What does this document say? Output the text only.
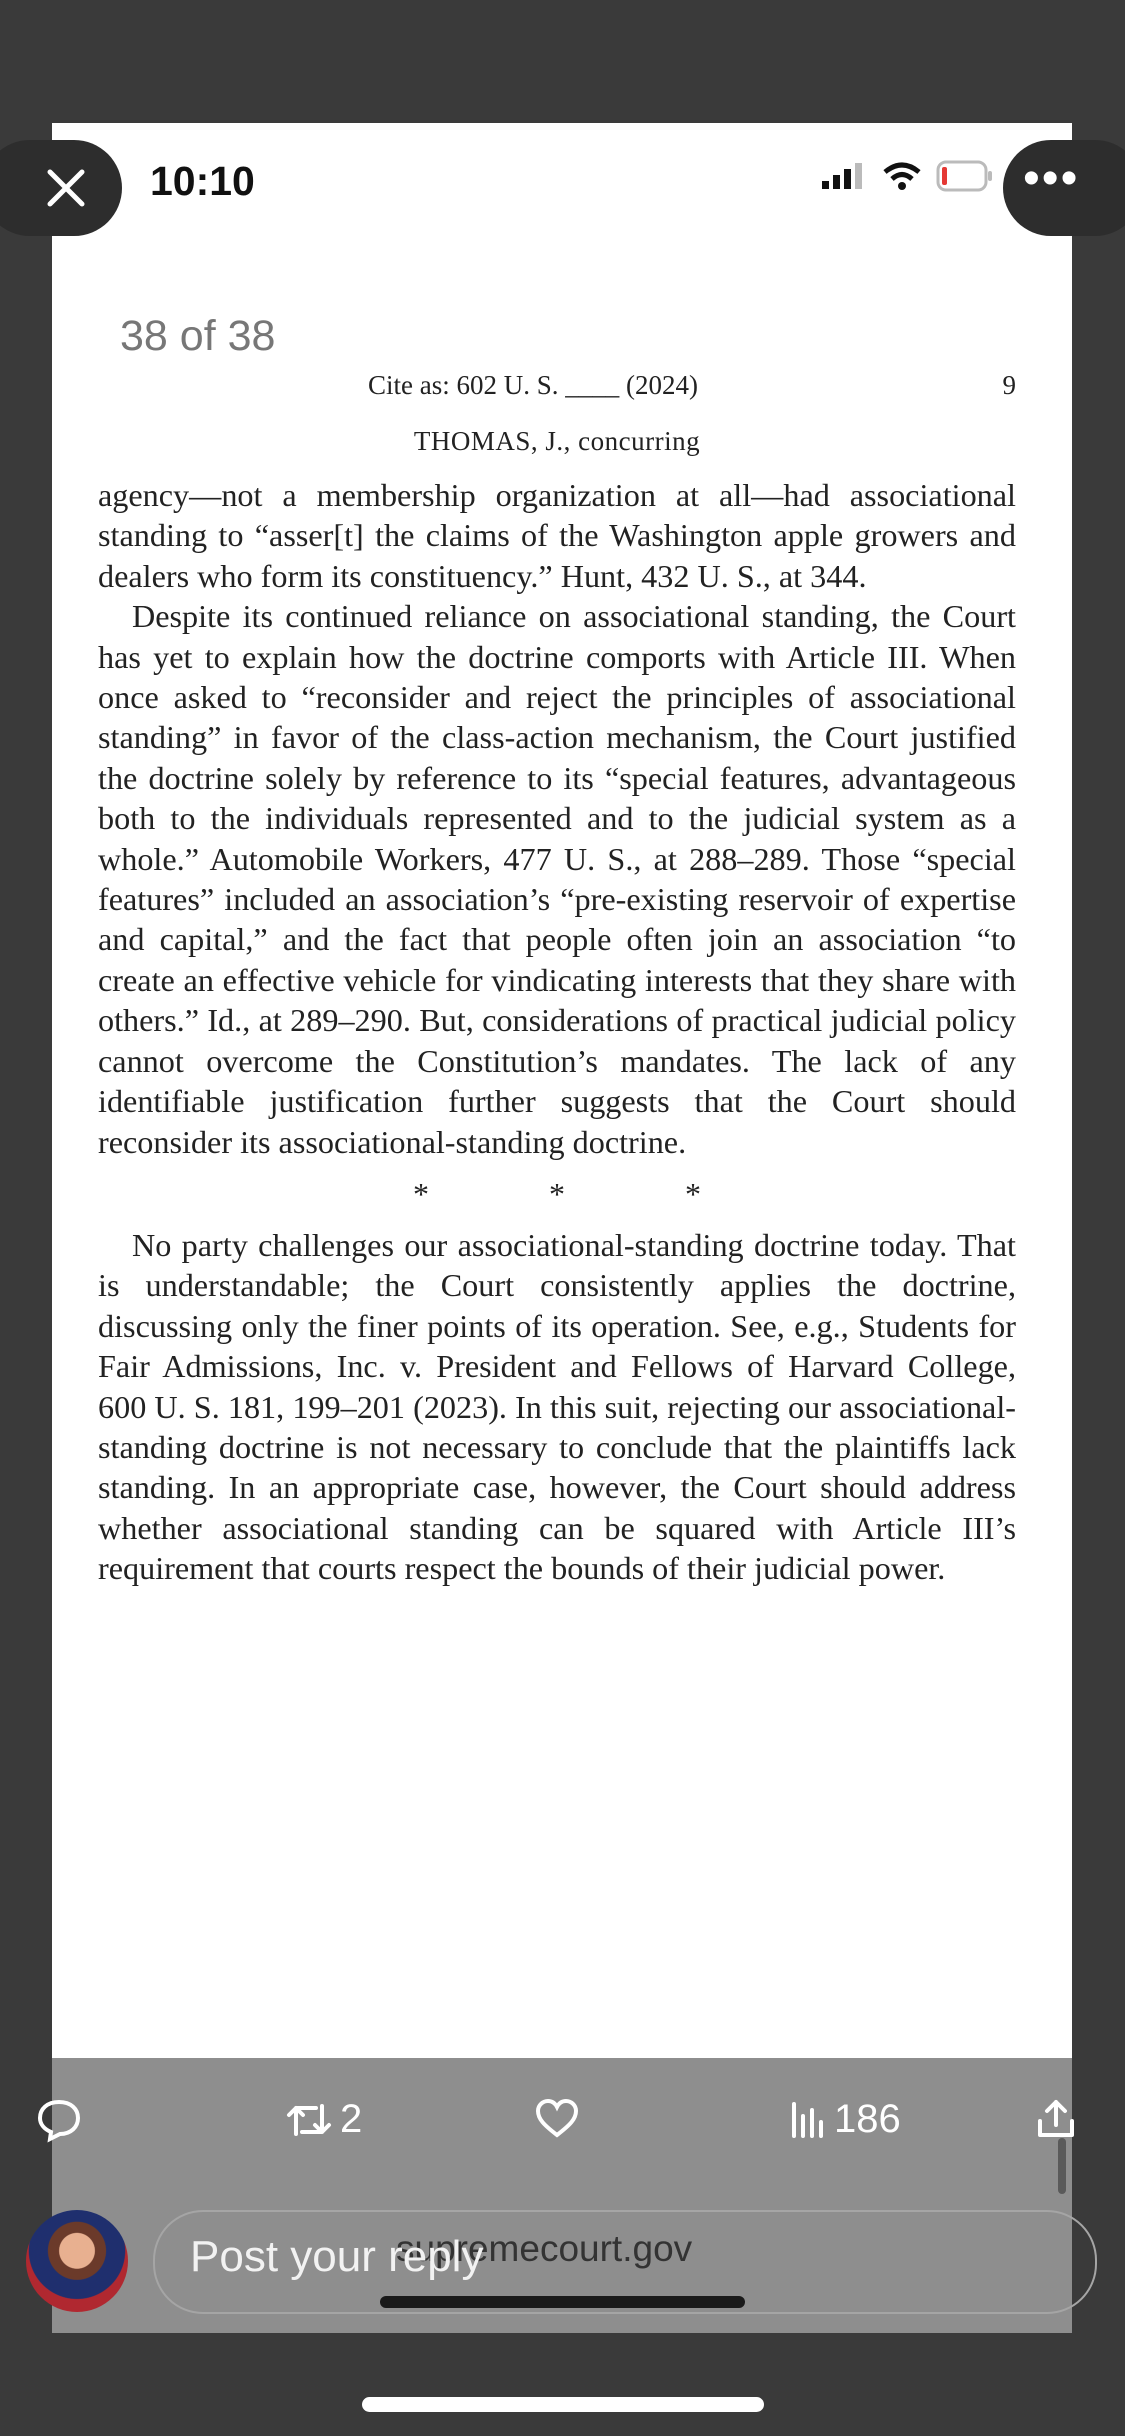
10:10	•••
38 of 38
Cite as: 602 U. S. ____ (2024)	9
THOMAS, J., concurring

agency—not a membership organization at all—had associational standing to “asser[t] the claims of the Washington apple growers and dealers who form its constituency.” Hunt, 432 U. S., at 344.

Despite its continued reliance on associational standing, the Court has yet to explain how the doctrine comports with Article III. When once asked to “reconsider and reject the principles of associational standing” in favor of the class-action mechanism, the Court justified the doctrine solely by reference to its “special features, advantageous both to the individuals represented and to the judicial system as a whole.” Automobile Workers, 477 U. S., at 288–289. Those “special features” included an association’s “pre-existing reservoir of expertise and capital,” and the fact that people often join an association “to create an effective vehicle for vindicating interests that they share with others.” Id., at 289–290. But, considerations of practical judicial policy cannot overcome the Constitution’s mandates. The lack of any identifiable justification further suggests that the Court should reconsider its associational-standing doctrine.

* * *

No party challenges our associational-standing doctrine today. That is understandable; the Court consistently applies the doctrine, discussing only the finer points of its operation. See, e.g., Students for Fair Admissions, Inc. v. President and Fellows of Harvard College, 600 U. S. 181, 199–201 (2023). In this suit, rejecting our associational-standing doctrine is not necessary to conclude that the plaintiffs lack standing. In an appropriate case, however, the Court should address whether associational standing can be squared with Article III’s requirement that courts respect the bounds of their judicial power.

2	186
supremecourt.gov
Post your reply
